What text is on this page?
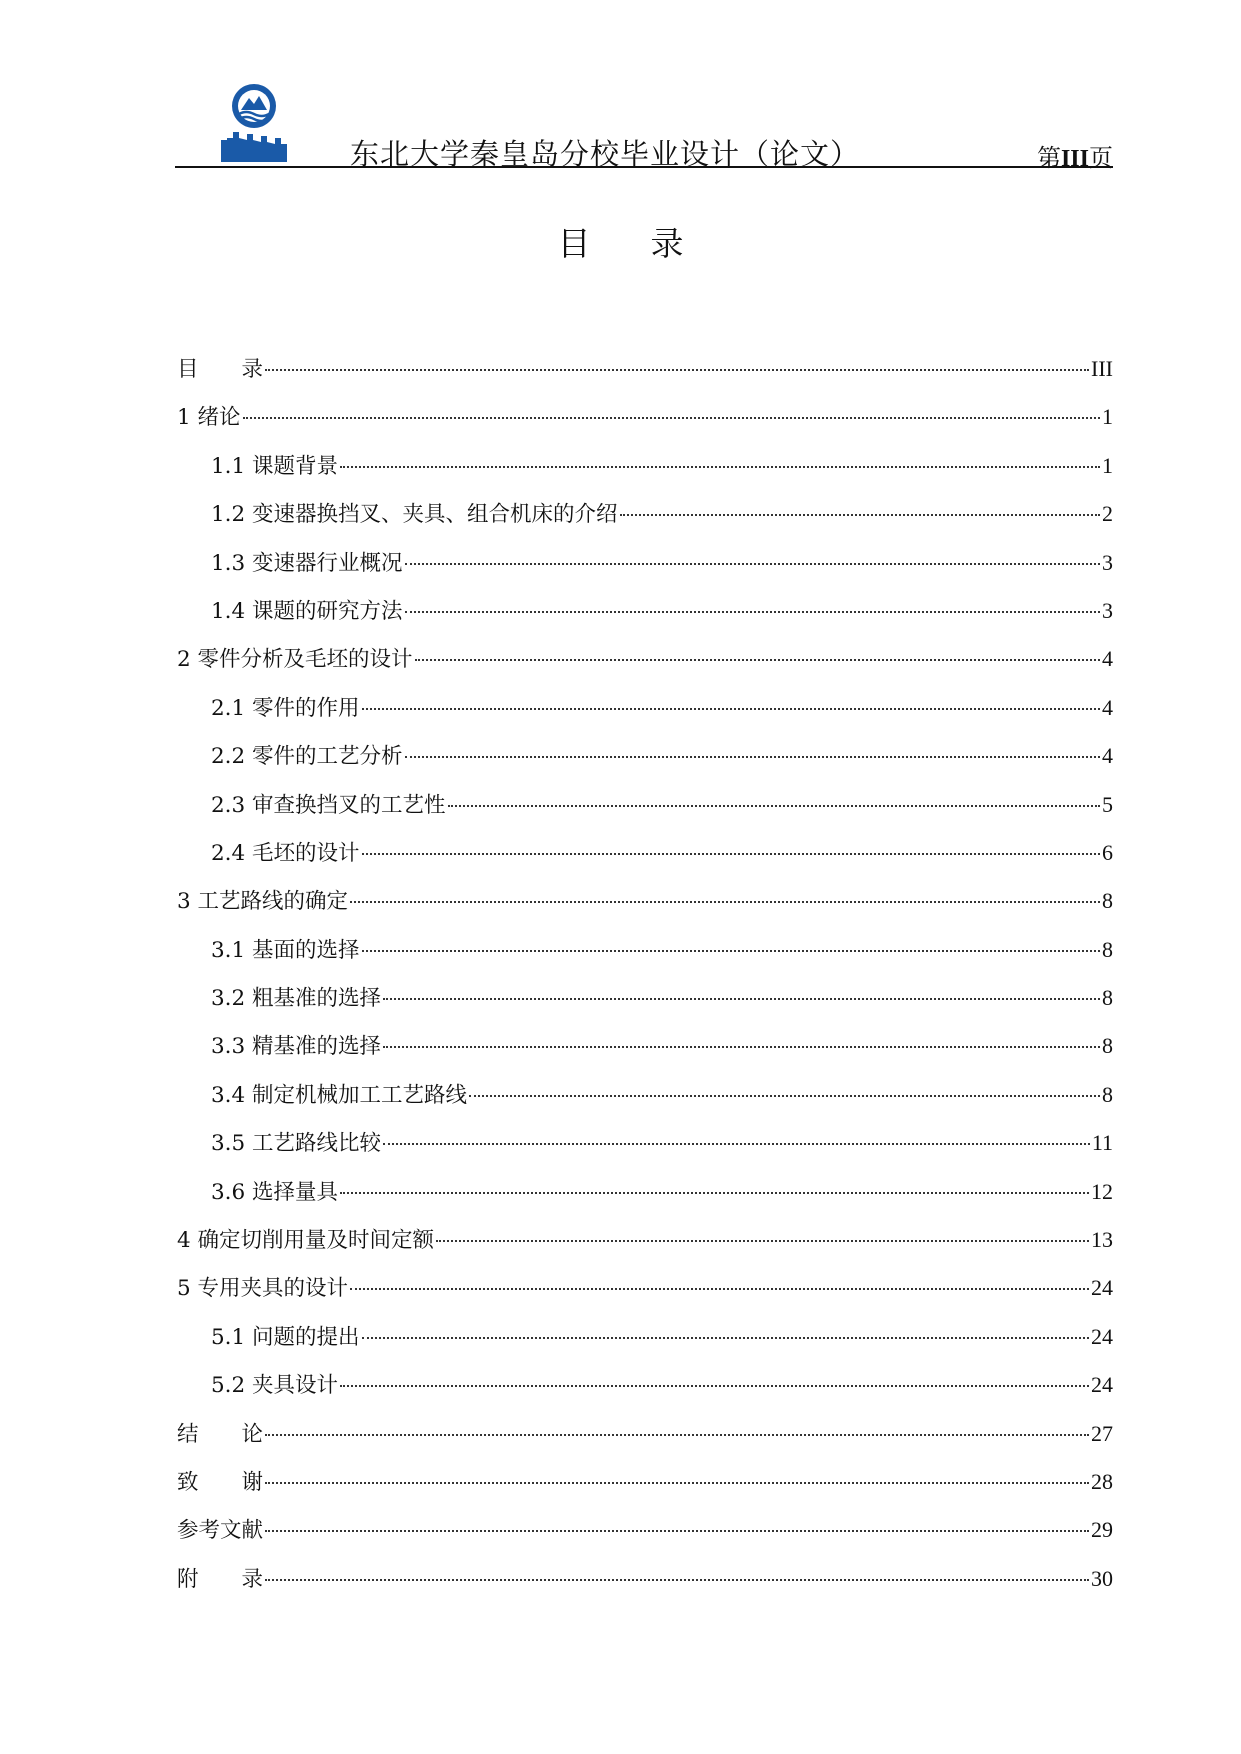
东北大学秦皇岛分校毕业设计（论文）	第III页
目录
目　　录	III
1 绪论	1
1.1 课题背景	1
1.2 变速器换挡叉、夹具、组合机床的介绍	2
1.3 变速器行业概况	3
1.4 课题的研究方法	3
2 零件分析及毛坯的设计	4
2.1 零件的作用	4
2.2 零件的工艺分析	4
2.3 审查换挡叉的工艺性	5
2.4 毛坯的设计	6
3 工艺路线的确定	8
3.1 基面的选择	8
3.2 粗基准的选择	8
3.3 精基准的选择	8
3.4 制定机械加工工艺路线	8
3.5 工艺路线比较	11
3.6 选择量具	12
4 确定切削用量及时间定额	13
5 专用夹具的设计	24
5.1 问题的提出	24
5.2 夹具设计	24
结　　论	27
致　　谢	28
参考文献	29
附　　录	30
